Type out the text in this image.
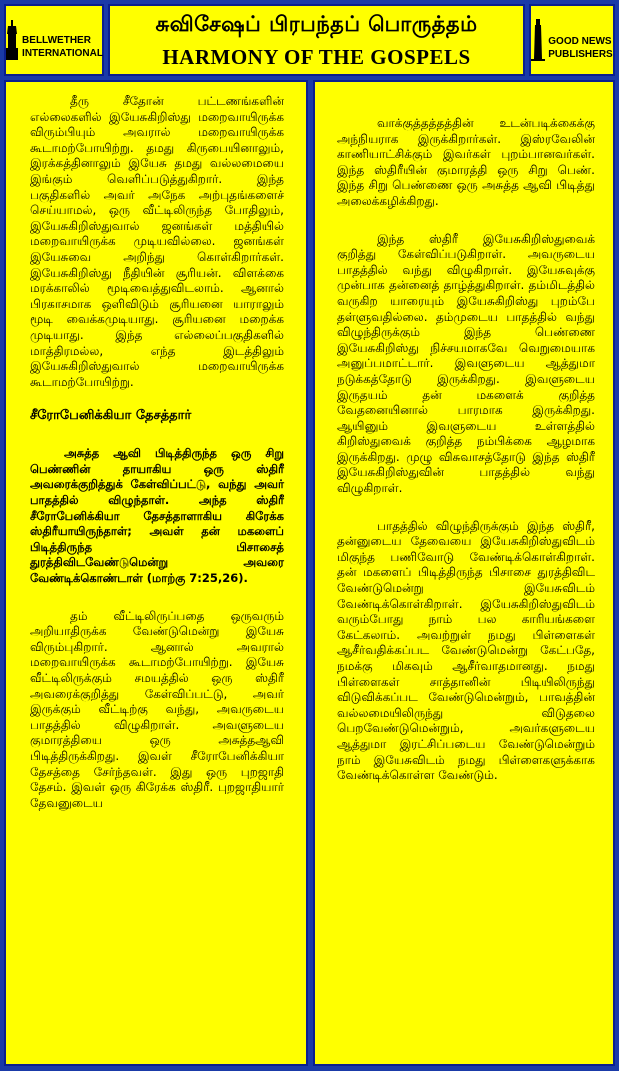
BELLWETHER
INTERNATIONAL
சுவிசேஷப் பிரபந்தப் பொருத்தம்
HARMONY OF THE GOSPELS
GOOD NEWS
PUBLISHERS

தீரு சீதோன் பட்டணங்களின் எல்லைகளில் இயேசுகிறிஸ்து மறைவாயிருக்க விரும்பியும் அவரால் மறைவாயிருக்க கூடாமற்போயிற்று. தமது கிருபையினாலும், இரக்கத்தினாலும் இயேசு தமது வல்லமையை இங்கும் வெளிப்படுத்துகிறார். இந்த பகுதிகளில் அவர் அநேக அற்புதங்களைச் செய்யாமல், ஒரு வீட்டிலிருந்த போதிலும், இயேசுகிறிஸ்துவால் ஜனங்கள் மத்தியில் மறைவாயிருக்க முடியவில்லை. ஜனங்கள் இயேசுவை அறிந்து கொள்கிறார்கள். இயேசுகிறிஸ்து நீதியின் சூரியன். விளக்கை மரக்காலில் மூடிவைத்துவிடலாம். ஆனால் பிரகாசமாக ஒளிவிடும் சூரியனை யாராலும் மூடி வைக்கமுடியாது. சூரியனை மறைக்க முடியாது. இந்த எல்லைப்பகுதிகளில் மாத்திரமல்ல, எந்த இடத்திலும் இயேசுகிறிஸ்துவால் மறைவாயிருக்க கூடாமற்போயிற்று.

சீரோபேனிக்கியா தேசத்தார்

அசுத்த ஆவி பிடித்திருந்த ஒரு சிறு பெண்ணின் தாயாகிய ஒரு ஸ்திரீ அவரைக்குறித்துக் கேள்விப்பட்டு, வந்து அவர் பாதத்தில் விழுந்தாள். அந்த ஸ்திரீ சீரோபேனிக்கியா தேசத்தாளாகிய கிரேக்க ஸ்திரீயாயிருந்தாள்; அவள் தன் மகளைப் பிடித்திருந்த பிசாசைத் துரத்திவிடவேண்டுமென்று அவரை வேண்டிக்கொண்டாள் (மாற்கு 7:25,26).

தம் வீட்டிலிருப்பதை ஒருவரும் அறியாதிருக்க வேண்டுமென்று இயேசு விரும்புகிறார். ஆனால் அவரால் மறைவாயிருக்க கூடாமற்போயிற்று. இயேசு வீட்டிலிருக்கும் சமயத்தில் ஒரு ஸ்திரீ அவரைக்குறித்து கேள்விப்பட்டு, அவர் இருக்கும் வீட்டிற்கு வந்து, அவருடைய பாதத்தில் விழுகிறாள். அவளுடைய குமாரத்தியை ஒரு அசுத்தஆவி பிடித்திருக்கிறது. இவள் சீரோபேனிக்கியா தேசத்தை சேர்ந்தவள். இது ஒரு புறஜாதி தேசம். இவள் ஒரு கிரேக்க ஸ்திரீ. புறஜாதியார் தேவனுடைய

வாக்குத்தத்தத்தின் உடன்படிக்கைக்கு அந்நியராக இருக்கிறார்கள். இஸ்ரவேலின் காணியாட்சிக்கும் இவர்கள் புறம்பானவர்கள். இந்த ஸ்திரீயின் குமாரத்தி ஒரு சிறு பெண். இந்த சிறு பெண்ணை ஒரு அசுத்த ஆவி பிடித்து அலைக்கழிக்கிறது.

இந்த ஸ்திரீ இயேசுகிறிஸ்துவைக் குறித்து கேள்விப்படுகிறாள். அவருடைய பாதத்தில் வந்து விழுகிறாள். இயேசுவுக்கு முன்பாக தன்னைத் தாழ்த்துகிறாள். தம்மிடத்தில் வருகிற யாரையும் இயேசுகிறிஸ்து புறம்பே தள்ளுவதில்லை. தம்முடைய பாதத்தில் வந்து விழுந்திருக்கும் இந்த பெண்ணை இயேசுகிறிஸ்து நிச்சயமாகவே வெறுமையாக அனுப்பமாட்டார். இவளுடைய ஆத்துமா நடுக்கத்தோடு இருக்கிறது. இவளுடைய இருதயம் தன் மகளைக் குறித்த வேதனையினால் பாரமாக இருக்கிறது. ஆயினும் இவளுடைய உள்ளத்தில் கிறிஸ்துவைக் குறித்த நம்பிக்கை ஆழமாக இருக்கிறது. முழு விசுவாசத்தோடு இந்த ஸ்திரீ இயேசுகிறிஸ்துவின் பாதத்தில் வந்து விழுகிறாள்.

பாதத்தில் விழுந்திருக்கும் இந்த ஸ்திரீ, தன்னுடைய தேவையை இயேசுகிறிஸ்துவிடம் மிகுந்த பணிவோடு வேண்டிக்கொள்கிறாள். தன் மகளைப் பிடித்திருந்த பிசாசை துரத்திவிட வேண்டுமென்று இயேசுவிடம் வேண்டிக்கொள்கிறாள். இயேசுகிறிஸ்துவிடம் வரும்போது நாம் பல காரியங்களை கேட்கலாம். அவற்றுள் நமது பிள்ளைகள் ஆசீர்வதிக்கப்பட வேண்டுமென்று கேட்பதே, நமக்கு மிகவும் ஆசீர்வாதமானது. நமது பிள்ளைகள் சாத்தானின் பிடியிலிருந்து விடுவிக்கப்பட வேண்டுமென்றும், பாவத்தின் வல்லமையிலிருந்து விடுதலை பெறவேண்டுமென்றும், அவர்களுடைய ஆத்துமா இரட்சிப்படைய வேண்டுமென்றும் நாம் இயேசுவிடம் நமது பிள்ளைகளுக்காக வேண்டிக்கொள்ள வேண்டும்.
